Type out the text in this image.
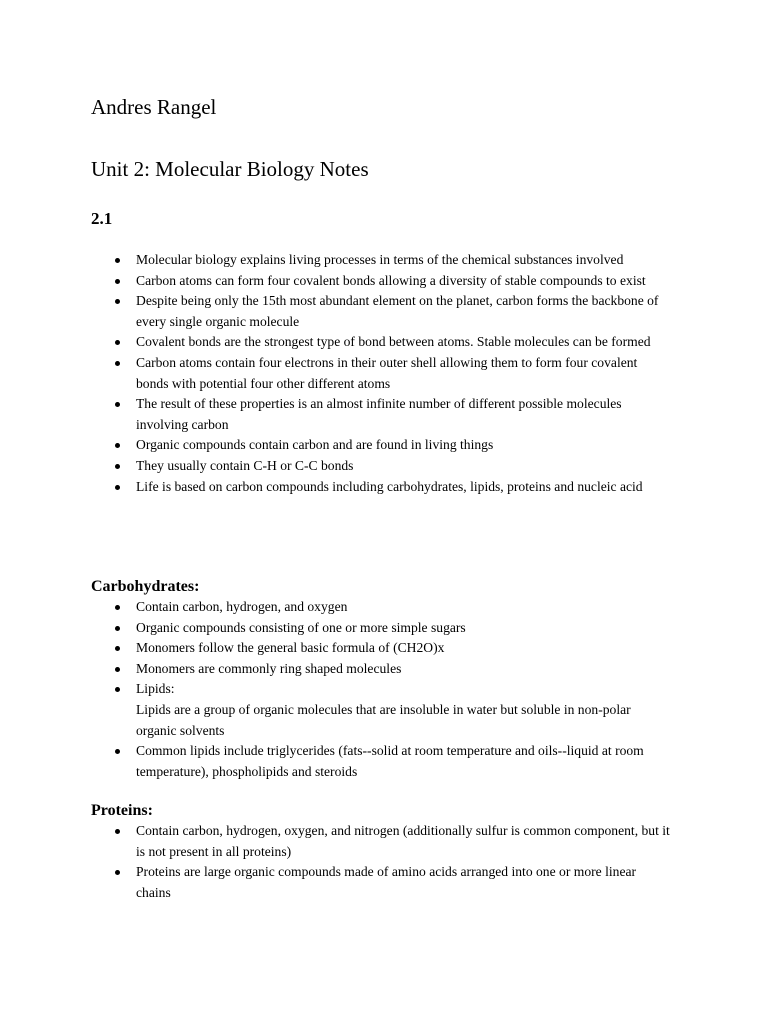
Andres Rangel
Unit 2: Molecular Biology Notes
2.1
Molecular biology explains living processes in terms of the chemical substances involved
Carbon atoms can form four covalent bonds allowing a diversity of stable compounds to exist
Despite being only the 15th most abundant element on the planet, carbon forms the backbone of every single organic molecule
Covalent bonds are the strongest type of bond between atoms. Stable molecules can be formed
Carbon atoms contain four electrons in their outer shell allowing them to form four covalent bonds with potential four other different atoms
The result of these properties is an almost infinite number of different possible molecules involving carbon
Organic compounds contain carbon and are found in living things
They usually contain C-H or C-C bonds
Life is based on carbon compounds including carbohydrates, lipids, proteins and nucleic acid
Carbohydrates:
Contain carbon, hydrogen, and oxygen
Organic compounds consisting of one or more simple sugars
Monomers follow the general basic formula of (CH2O)x
Monomers are commonly ring shaped molecules
Lipids:
Lipids are a group of organic molecules that are insoluble in water but soluble in non-polar organic solvents
Common lipids include triglycerides (fats--solid at room temperature and oils--liquid at room temperature), phospholipids and steroids
Proteins:
Contain carbon, hydrogen, oxygen, and nitrogen (additionally sulfur is common component, but it is not present in all proteins)
Proteins are large organic compounds made of amino acids arranged into one or more linear chains
